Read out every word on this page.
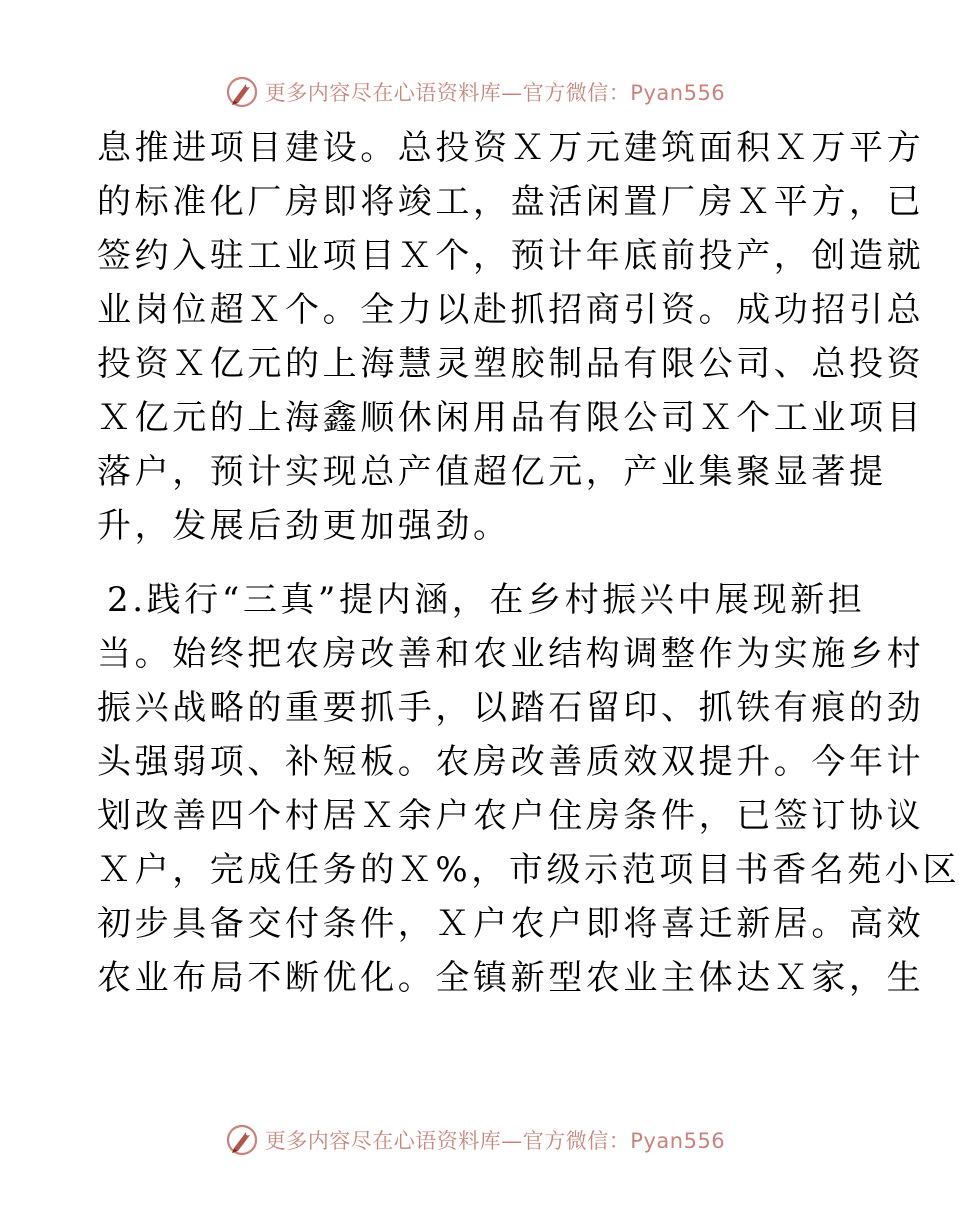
更多内容尽在心语资料库—官方微信：Pyan556
息推进项目建设。总投资Ｘ万元建筑面积Ｘ万平方
的标准化厂房即将竣工，盘活闲置厂房Ｘ平方，已
签约入驻工业项目Ｘ个，预计年底前投产，创造就
业岗位超Ｘ个。全力以赴抓招商引资。成功招引总
投资Ｘ亿元的上海慧灵塑胶制品有限公司、总投资
Ｘ亿元的上海鑫顺休闲用品有限公司Ｘ个工业项目
落户，预计实现总产值超亿元，产业集聚显著提
升，发展后劲更加强劲。
2.践行“三真”提内涵，在乡村振兴中展现新担
当。始终把农房改善和农业结构调整作为实施乡村
振兴战略的重要抓手，以踏石留印、抓铁有痕的劲
头强弱项、补短板。农房改善质效双提升。今年计
划改善四个村居Ｘ余户农户住房条件，已签订协议
Ｘ户，完成任务的Ｘ%，市级示范项目书香名苑小区
初步具备交付条件，Ｘ户农户即将喜迁新居。高效
农业布局不断优化。全镇新型农业主体达Ｘ家，生
更多内容尽在心语资料库—官方微信：Pyan556
